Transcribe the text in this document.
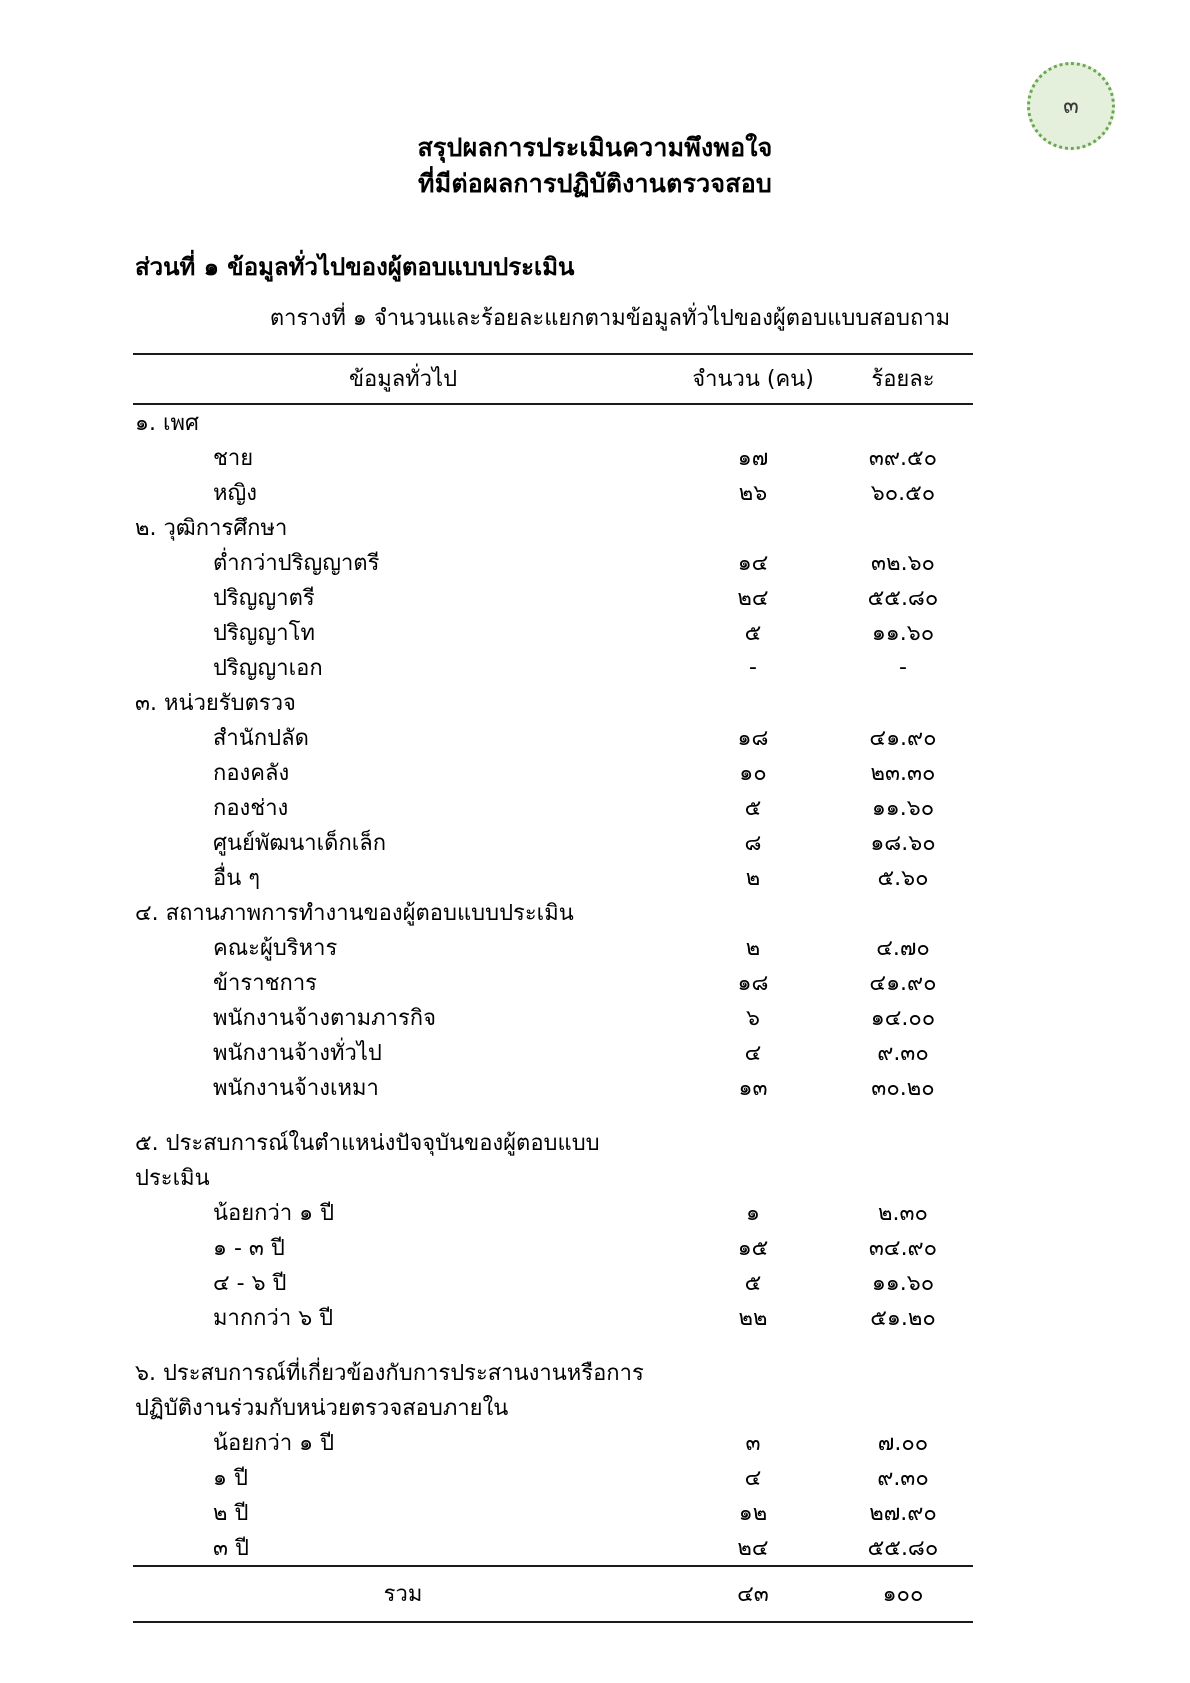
๓
สรุปผลการประเมินความพึงพอใจ
ที่มีต่อผลการปฏิบัติงานตรวจสอบ
ส่วนที่ ๑ ข้อมูลทั่วไปของผู้ตอบแบบประเมิน
ตารางที่ ๑ จำนวนและร้อยละแยกตามข้อมูลทั่วไปของผู้ตอบแบบสอบถาม
ข้อมูลทั่วไป	จำนวน (คน)	ร้อยละ
๑. เพศ		
ชาย	๑๗	๓๙.๕๐
หญิง	๒๖	๖๐.๕๐
๒. วุฒิการศึกษา		
ต่ำกว่าปริญญาตรี	๑๔	๓๒.๖๐
ปริญญาตรี	๒๔	๕๕.๘๐
ปริญญาโท	๕	๑๑.๖๐
ปริญญาเอก	-	-
๓. หน่วยรับตรวจ		
สำนักปลัด	๑๘	๔๑.๙๐
กองคลัง	๑๐	๒๓.๓๐
กองช่าง	๕	๑๑.๖๐
ศูนย์พัฒนาเด็กเล็ก	๘	๑๘.๖๐
อื่น ๆ	๒	๕.๖๐
๔. สถานภาพการทำงานของผู้ตอบแบบประเมิน		
คณะผู้บริหาร	๒	๔.๗๐
ข้าราชการ	๑๘	๔๑.๙๐
พนักงานจ้างตามภารกิจ	๖	๑๔.๐๐
พนักงานจ้างทั่วไป	๔	๙.๓๐
พนักงานจ้างเหมา	๑๓	๓๐.๒๐

๕. ประสบการณ์ในตำแหน่งปัจจุบันของผู้ตอบแบบประเมิน		
น้อยกว่า ๑ ปี	๑	๒.๓๐
๑ - ๓ ปี	๑๕	๓๔.๙๐
๔ - ๖ ปี	๕	๑๑.๖๐
มากกว่า ๖ ปี	๒๒	๕๑.๒๐

๖. ประสบการณ์ที่เกี่ยวข้องกับการประสานงานหรือการปฏิบัติงานร่วมกับหน่วยตรวจสอบภายใน		
น้อยกว่า ๑ ปี	๓	๗.๐๐
๑ ปี	๔	๙.๓๐
๒ ปี	๑๒	๒๗.๙๐
๓ ปี	๒๔	๕๕.๘๐
รวม	๔๓	๑๐๐
